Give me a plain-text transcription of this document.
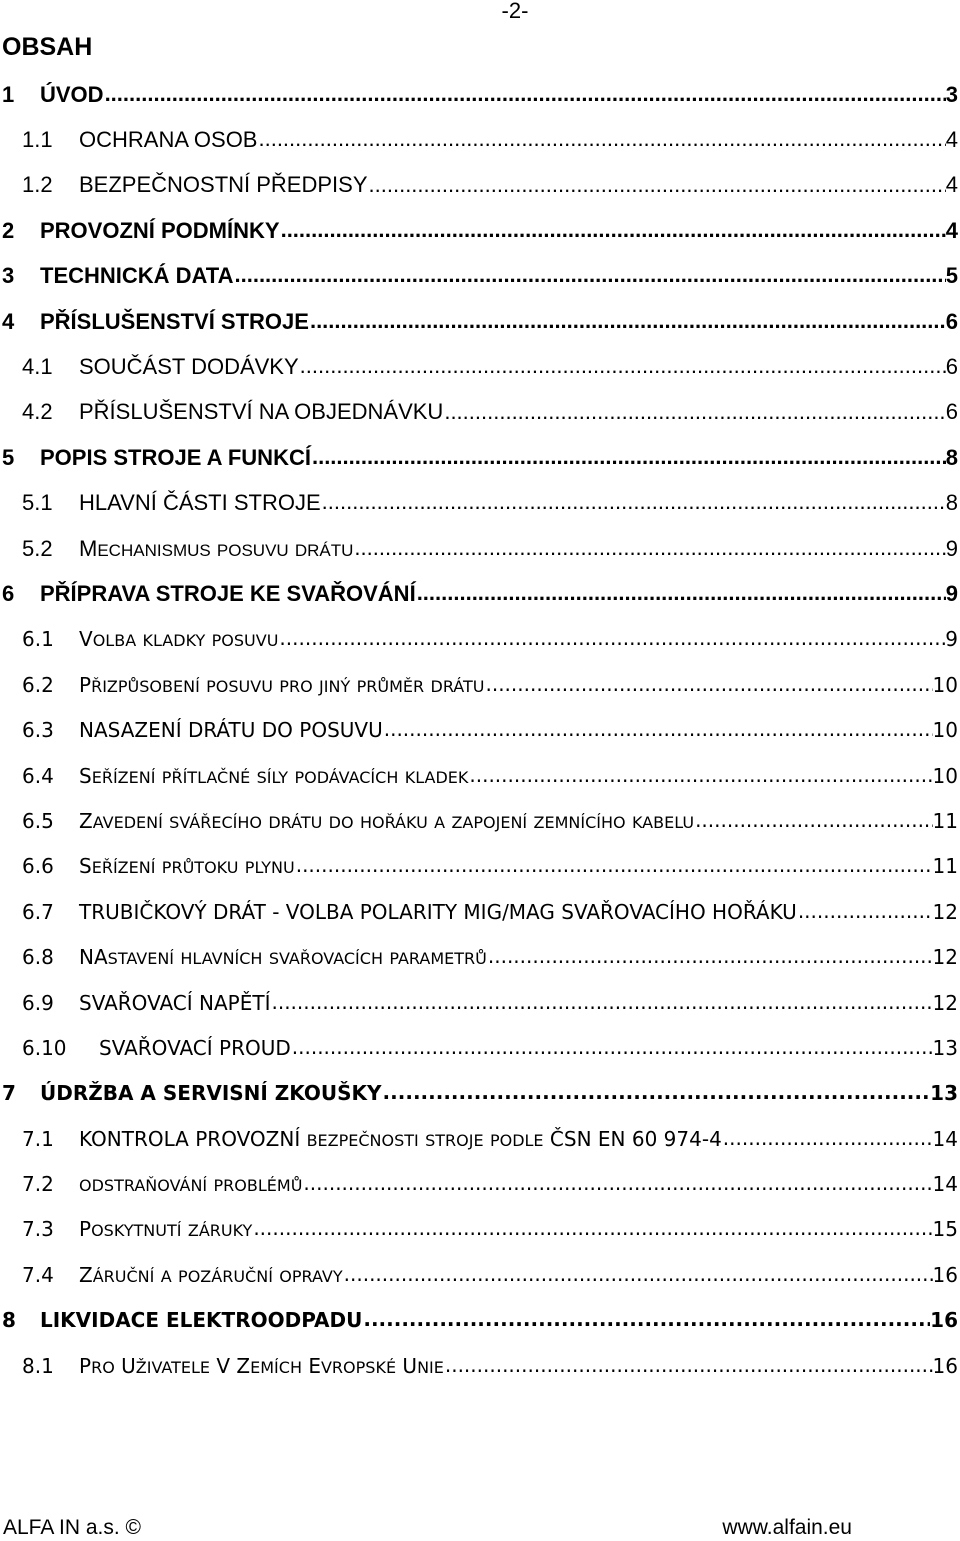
-2-
OBSAH
1	ÚVOD .....	3
1.1	OCHRANA OSOB .....	4
1.2	BEZPEČNOSTNÍ PŘEDPISY .....	4
2	PROVOZNÍ PODMÍNKY .....	4
3	TECHNICKÁ DATA .....	5
4	PŘÍSLUŠENSTVÍ STROJE .....	6
4.1	SOUČÁST DODÁVKY .....	6
4.2	PŘÍSLUŠENSTVÍ NA OBJEDNÁVKU .....	6
5	POPIS STROJE A FUNKCÍ .....	8
5.1	HLAVNÍ ČÁSTI STROJE .....	8
5.2	MECHANISMUS POSUVU DRÁTU .....	9
6	PŘÍPRAVA STROJE KE SVAŘOVÁNÍ .....	9
6.1	VOLBA KLADKY POSUVU .....	9
6.2	PŘIZPŮSOBENÍ POSUVU PRO JINÝ PRŮMĚR DRÁTU .....	10
6.3	NASAZENÍ DRÁTU DO POSUVU .....	10
6.4	SEŘÍZENÍ PŘÍTLAČNÉ SÍLY PODÁVACÍCH KLADEK .....	10
6.5	ZAVEDENÍ SVÁŘECÍHO DRÁTU DO HOŘÁKU A ZAPOJENÍ ZEMNÍCÍHO KABELU .....	11
6.6	SEŘÍZENÍ PRŮTOKU PLYNU .....	11
6.7	TRUBIČKOVÝ DRÁT - VOLBA POLARITY MIG/MAG SVAŘOVACÍHO HOŘÁKU .....	12
6.8	NASTAVENÍ HLAVNÍCH SVAŘOVACÍCH PARAMETRŮ .....	12
6.9	SVAŘOVACÍ NAPĚTÍ .....	12
6.10	SVAŘOVACÍ PROUD .....	13
7	ÚDRŽBA A SERVISNÍ ZKOUŠKY .....	13
7.1	KONTROLA PROVOZNÍ BEZPEČNOSTI STROJE PODLE ČSN EN 60 974-4 .....	14
7.2	ODSTRAŇOVÁNÍ PROBLÉMŮ .....	14
7.3	POSKYTNUTÍ ZÁRUKY .....	15
7.4	ZÁRUČNÍ A POZÁRUČNÍ OPRAVY .....	16
8	LIKVIDACE ELEKTROODPADU .....	16
8.1	PRO UŽIVATELE V ZEMÍCH EVROPSKÉ UNIE .....	16
ALFA IN a.s. ©	www.alfain.eu
